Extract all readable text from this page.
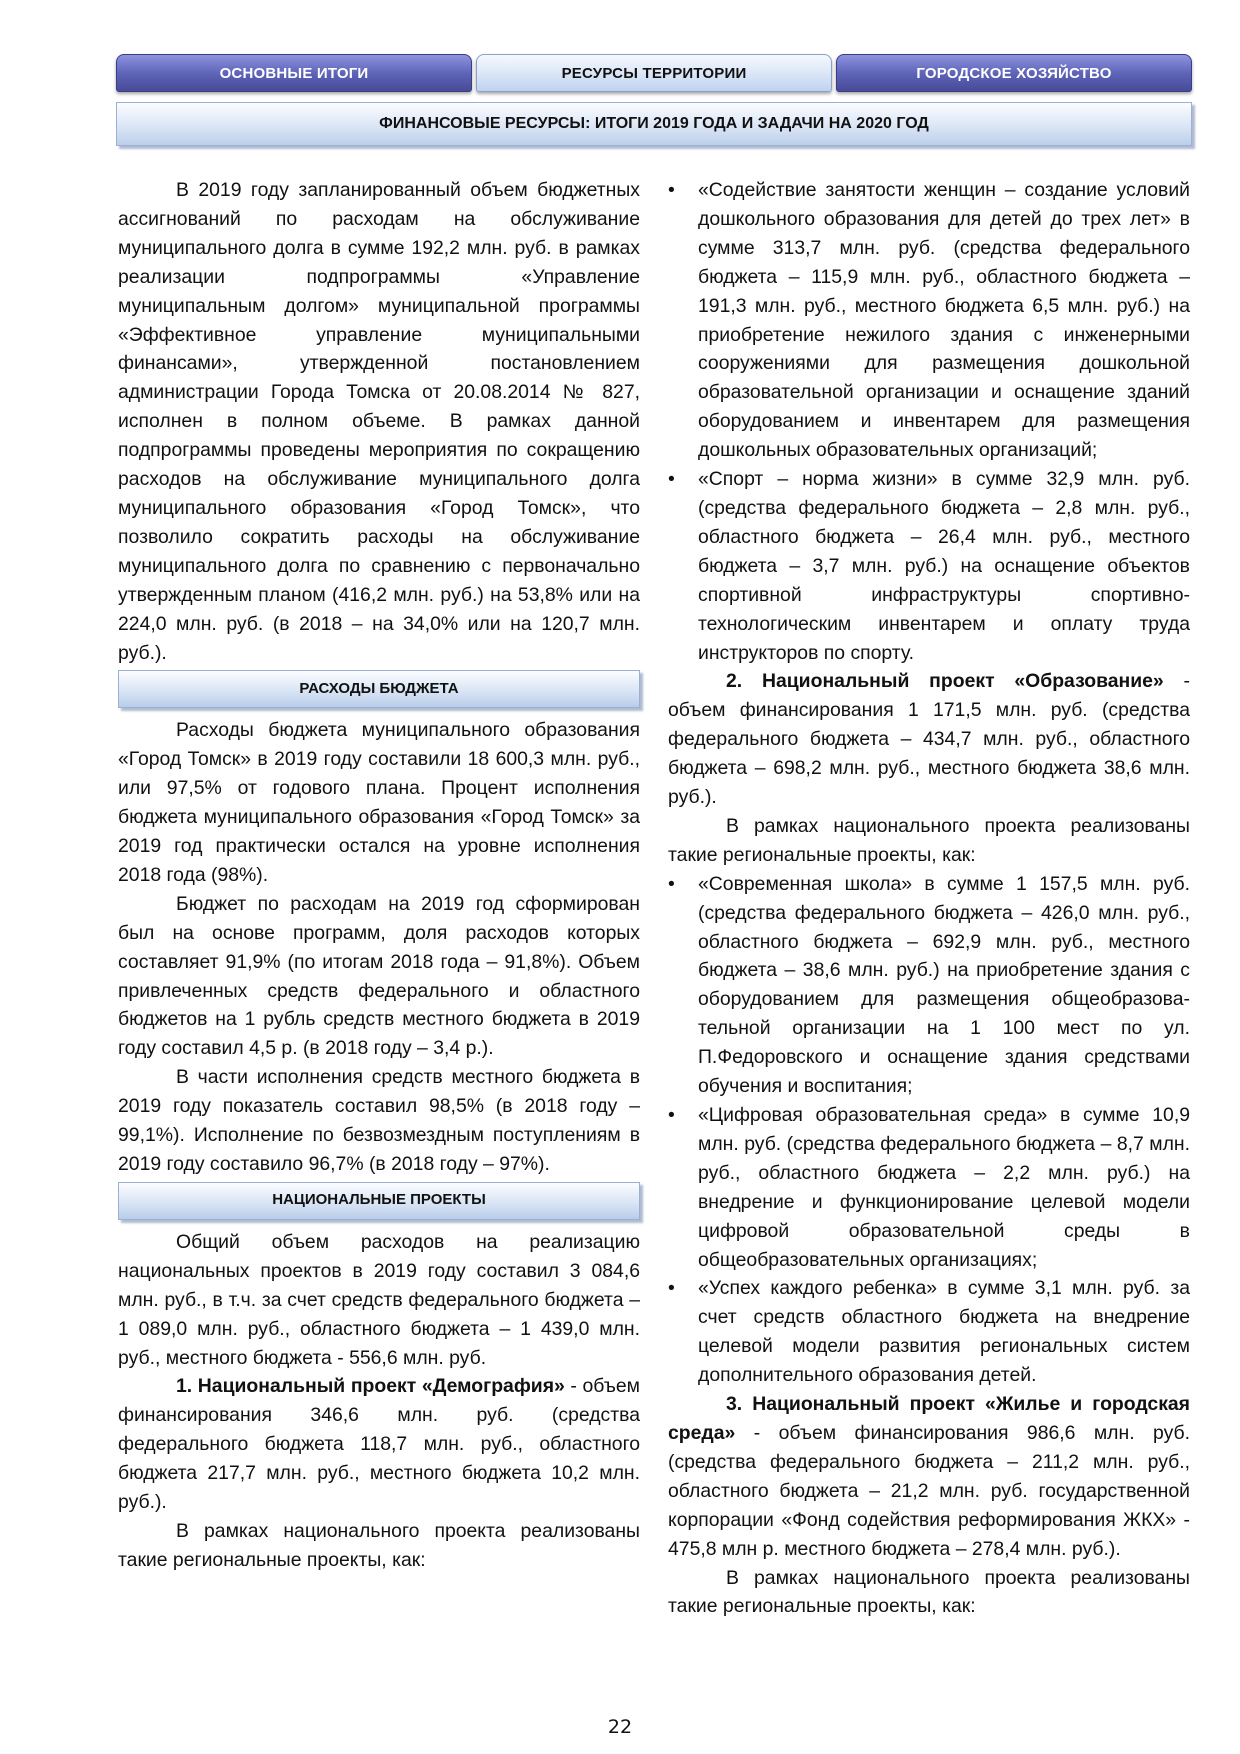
ОСНОВНЫЕ ИТОГИ	РЕСУРСЫ ТЕРРИТОРИИ	ГОРОДСКОЕ ХОЗЯЙСТВО
ФИНАНСОВЫЕ РЕСУРСЫ: ИТОГИ 2019 ГОДА И ЗАДАЧИ НА 2020 ГОД

В 2019 году запланированный объем бюджетных ассигнований по расходам на обслуживание муниципального долга в сумме 192,2 млн. руб. в рамках реализации подпрограммы «Управление муниципальным долгом» муниципальной программы «Эффективное управление муниципальными финансами», утвержденной постановлением администрации Города Томска от 20.08.2014 № 827, исполнен в полном объеме. В рамках данной подпрограммы проведены мероприятия по сокращению расходов на обслуживание муниципального долга муниципального образования «Город Томск», что позволило сократить расходы на обслуживание муниципального долга по сравнению с первоначально утвержденным планом (416,2 млн. руб.) на 53,8% или на 224,0 млн. руб. (в 2018 – на 34,0% или на 120,7 млн. руб.).

РАСХОДЫ БЮДЖЕТА

Расходы бюджета муниципального образования «Город Томск» в 2019 году составили 18 600,3 млн. руб., или 97,5% от годового плана. Процент исполнения бюджета муниципального образования «Город Томск» за 2019 год практически остался на уровне исполнения 2018 года (98%).

Бюджет по расходам на 2019 год сформирован был на основе программ, доля расходов которых составляет 91,9% (по итогам 2018 года – 91,8%). Объем привлеченных средств федерального и областного бюджетов на 1 рубль средств местного бюджета в 2019 году составил 4,5 р. (в 2018 году – 3,4 р.).

В части исполнения средств местного бюджета в 2019 году показатель составил 98,5% (в 2018 году – 99,1%). Исполнение по безвозмездным поступлениям в 2019 году составило 96,7% (в 2018 году – 97%).

НАЦИОНАЛЬНЫЕ ПРОЕКТЫ

Общий объем расходов на реализацию национальных проектов в 2019 году составил 3 084,6 млн. руб., в т.ч. за счет средств федерального бюджета – 1 089,0 млн. руб., областного бюджета – 1 439,0 млн. руб., местного бюджета - 556,6 млн. руб.

1. Национальный проект «Демография» - объем финансирования 346,6 млн. руб. (средства федерального бюджета 118,7 млн. руб., областного бюджета 217,7 млн. руб., местного бюджета 10,2 млн. руб.).

В рамках национального проекта реализованы такие региональные проекты, как:

• «Содействие занятости женщин – создание условий дошкольного образования для детей до трех лет» в сумме 313,7 млн. руб. (средства федерального бюджета – 115,9 млн. руб., областного бюджета – 191,3 млн. руб., местного бюджета 6,5 млн. руб.) на приобретение нежилого здания с инженерными сооружениями для размещения дошкольной образовательной организации и оснащение зданий оборудованием и инвентарем для размещения дошкольных образовательных организаций;
• «Спорт – норма жизни» в сумме 32,9 млн. руб. (средства федерального бюджета – 2,8 млн. руб., областного бюджета – 26,4 млн. руб., местного бюджета – 3,7 млн. руб.) на оснащение объектов спортивной инфраструктуры спортивно-технологическим инвентарем и оплату труда инструкторов по спорту.

2. Национальный проект «Образование» - объем финансирования 1 171,5 млн. руб. (средства федерального бюджета – 434,7 млн. руб., областного бюджета – 698,2 млн. руб., местного бюджета 38,6 млн. руб.).

В рамках национального проекта реализованы такие региональные проекты, как:

• «Современная школа» в сумме 1 157,5 млн. руб. (средства федерального бюджета – 426,0 млн. руб., областного бюджета – 692,9 млн. руб., местного бюджета – 38,6 млн. руб.) на приобретение здания с оборудованием для размещения общеобразова-тельной организации на 1 100 мест по ул. П.Федоровского и оснащение здания средствами обучения и воспитания;
• «Цифровая образовательная среда» в сумме 10,9 млн. руб. (средства федерального бюджета – 8,7 млн. руб., областного бюджета – 2,2 млн. руб.) на внедрение и функционирование целевой модели цифровой образовательной среды в общеобразовательных организациях;
• «Успех каждого ребенка» в сумме 3,1 млн. руб. за счет средств областного бюджета на внедрение целевой модели развития региональных систем дополнительного образования детей.

3. Национальный проект «Жилье и городская среда» - объем финансирования 986,6 млн. руб. (средства федерального бюджета – 211,2 млн. руб., областного бюджета – 21,2 млн. руб. государственной корпорации «Фонд содействия реформирования ЖКХ» - 475,8 млн р. местного бюджета – 278,4 млн. руб.).

В рамках национального проекта реализованы такие региональные проекты, как:

22
